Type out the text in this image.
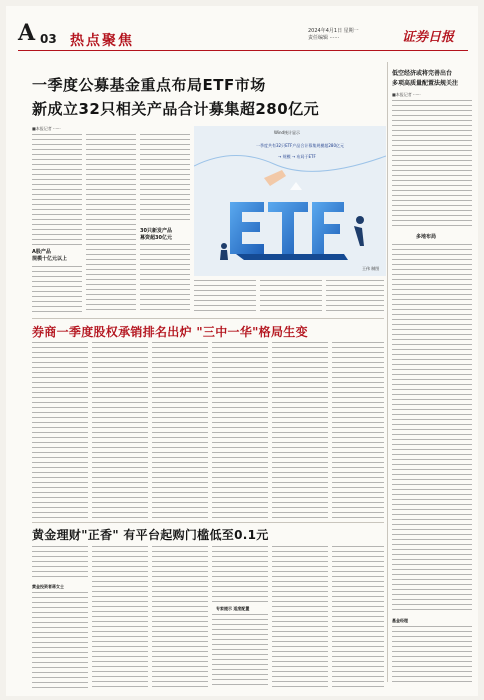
A 03 热点聚焦
2024年4月1日 星期一
责任编辑 ······	证券日报
一季度公募基金重点布局ETF市场
新成立32只相关产品合计募集超280亿元
■本报记者 ······
A股产品
规模十亿元以上
30只新发产品
募资超30亿元
Wind统计显示
一季度共有32只ETF产品合计募集规模超280亿元
→ 规模 → 布局于ETF
王伟 制图
低空经济或将完善出台
多项高质量配置法规关注
■本报记者 ······
多地布局
基金经理
券商一季度股权承销排名出炉 "三中一华"格局生变
黄金理财"正香" 有平台起购门槛低至0.1元
黄金投资者蒋女士
专家提示 适度配置
